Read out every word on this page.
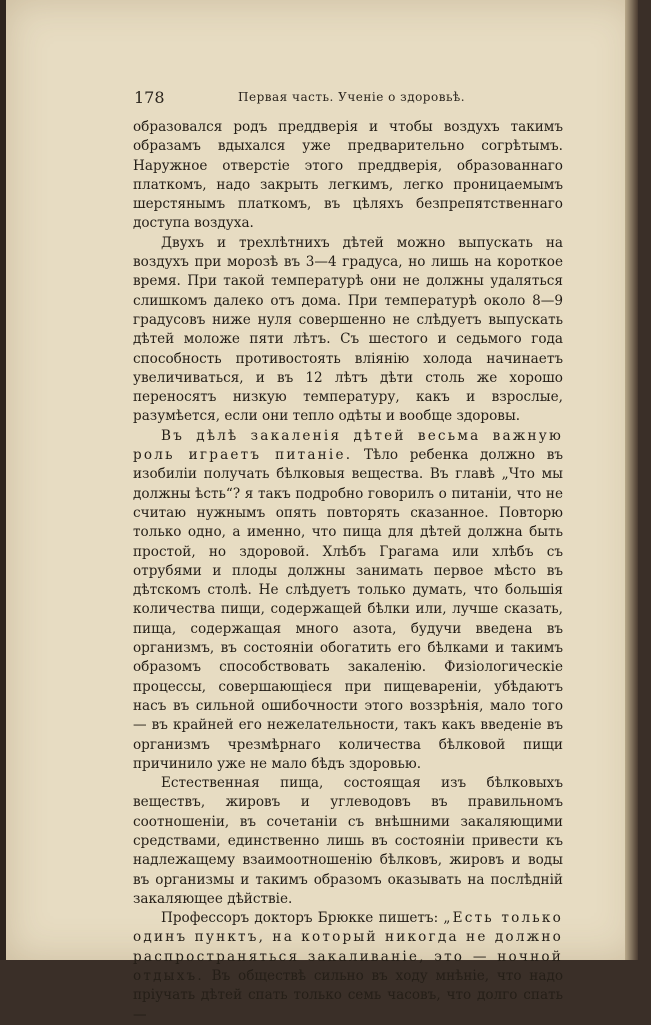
178	Первая часть. Ученіе о здоровьѣ.

образовался родъ преддверія и чтобы воздухъ такимъ образамъ вдыхался уже предварительно согрѣтымъ. Наружное отверстіе этого преддверія, образованнаго платкомъ, надо закрыть легкимъ, легко проницаемымъ шерстянымъ платкомъ, въ цѣляхъ безпрепятственнаго доступа воздуха.

Двухъ и трехлѣтнихъ дѣтей можно выпускать на воздухъ при морозѣ въ 3—4 градуса, но лишь на короткое время. При такой температурѣ они не должны удаляться слишкомъ далеко отъ дома. При температурѣ около 8—9 градусовъ ниже нуля совершенно не слѣдуетъ выпускать дѣтей моложе пяти лѣтъ. Съ шестого и седьмого года способность противостоять вліянію холода начинаетъ увеличиваться, и въ 12 лѣтъ дѣти столь же хорошо переносятъ низкую температуру, какъ и взрослые, разумѣется, если они тепло одѣты и вообще здоровы.

Въ дѣлѣ закаленія дѣтей весьма важную роль играетъ питаніе. Тѣло ребенка должно въ изобиліи получать бѣлковыя вещества. Въ главѣ „Что мы должны ѣсть“? я такъ подробно говорилъ о питаніи, что не считаю нужнымъ опять повторять сказанное. Повторю только одно, а именно, что пища для дѣтей должна быть простой, но здоровой. Хлѣбъ Грагама или хлѣбъ съ отрубями и плоды должны занимать первое мѣсто въ дѣтскомъ столѣ. Не слѣдуетъ только думать, что большія количества пищи, содержащей бѣлки или, лучше сказать, пища, содержащая много азота, будучи введена въ организмъ, въ состояніи обогатить его бѣлками и такимъ образомъ способствовать закаленію. Физіологическіе процессы, совершающіеся при пищевареніи, убѣдаютъ насъ въ сильной ошибочности этого воззрѣнія, мало того — въ крайней его нежелательности, такъ какъ введеніе въ организмъ чрезмѣрнаго количества бѣлковой пищи причинило уже не мало бѣдъ здоровью.

Естественная пища, состоящая изъ бѣлковыхъ веществъ, жировъ и углеводовъ въ правильномъ соотношеніи, въ сочетаніи съ внѣшними закаляющими средствами, единственно лишь въ состояніи привести къ надлежащему взаимоотношенію бѣлковъ, жировъ и воды въ организмы и такимъ образомъ оказывать на послѣдній закаляющее дѣйствіе.

Профессоръ докторъ Брюкке пишетъ: „Есть только одинъ пунктъ, на который никогда не должно распространяться закаливаніе, это — ночной отдыхъ. Въ обществѣ сильно въ ходу мнѣніе, что надо пріучать дѣтей спать только семь часовъ, что долго спать —
